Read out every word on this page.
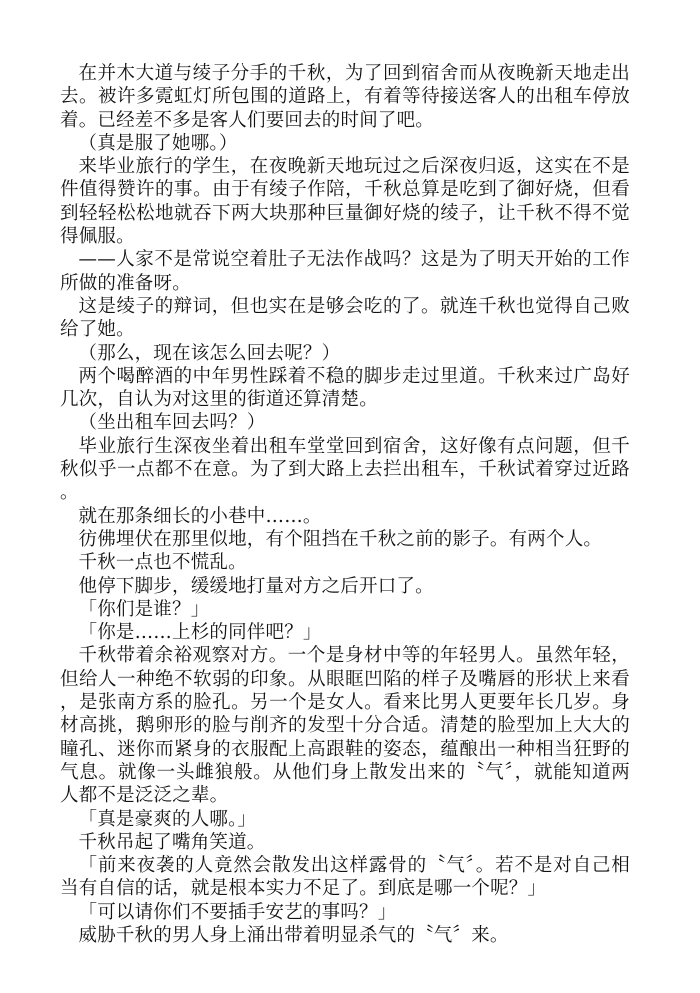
在并木大道与绫子分手的千秋，为了回到宿舍而从夜晚新天地走出去。被许多霓虹灯所包围的道路上，有着等待接送客人的出租车停放着。已经差不多是客人们要回去的时间了吧。

（真是服了她哪。）

来毕业旅行的学生，在夜晚新天地玩过之后深夜归返，这实在不是件值得赞许的事。由于有绫子作陪，千秋总算是吃到了御好烧，但看到轻轻松松地就吞下两大块那种巨量御好烧的绫子，让千秋不得不觉得佩服。

——人家不是常说空着肚子无法作战吗？这是为了明天开始的工作所做的准备呀。

这是绫子的辩词，但也实在是够会吃的了。就连千秋也觉得自己败给了她。

（那么，现在该怎么回去呢？）

两个喝醉酒的中年男性踩着不稳的脚步走过里道。千秋来过广岛好几次，自认为对这里的街道还算清楚。

（坐出租车回去吗？）

毕业旅行生深夜坐着出租车堂堂回到宿舍，这好像有点问题，但千秋似乎一点都不在意。为了到大路上去拦出租车，千秋试着穿过近路。

就在那条细长的小巷中……。

彷佛埋伏在那里似地，有个阻挡在千秋之前的影子。有两个人。

千秋一点也不慌乱。

他停下脚步，缓缓地打量对方之后开口了。

「你们是谁？」

「你是……上杉的同伴吧？」

千秋带着余裕观察对方。一个是身材中等的年轻男人。虽然年轻，但给人一种绝不软弱的印象。从眼眶凹陷的样子及嘴唇的形状上来看，是张南方系的脸孔。另一个是女人。看来比男人更要年长几岁。身材高挑，鹅卵形的脸与削齐的发型十分合适。清楚的脸型加上大大的瞳孔、迷你而紧身的衣服配上高跟鞋的姿态，蕴酿出一种相当狂野的气息。就像一头雌狼般。从他们身上散发出来的〝气〞，就能知道两人都不是泛泛之辈。

「真是豪爽的人哪。」

千秋吊起了嘴角笑道。

「前来夜袭的人竟然会散发出这样露骨的〝气〞。若不是对自己相当有自信的话，就是根本实力不足了。到底是哪一个呢？」

「可以请你们不要插手安艺的事吗？」

威胁千秋的男人身上涌出带着明显杀气的〝气〞来。
